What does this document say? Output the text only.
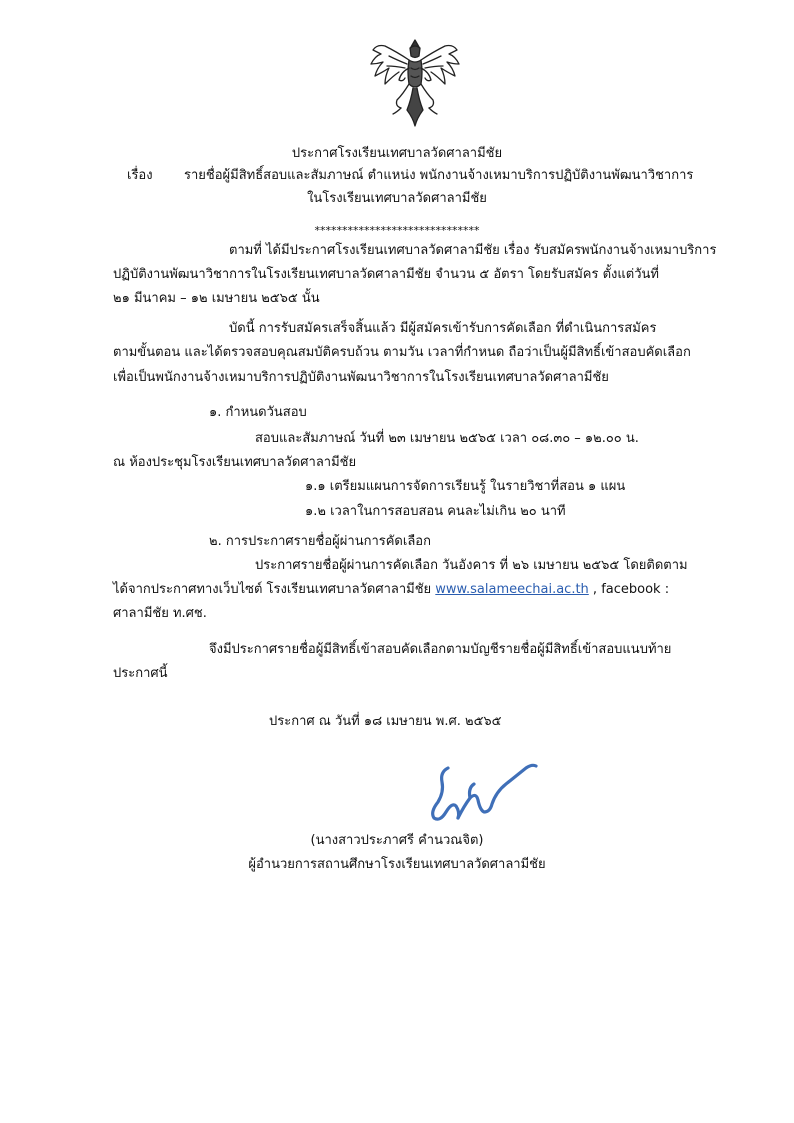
ประกาศโรงเรียนเทศบาลวัดศาลามีชัย
เรื่อง รายชื่อผู้มีสิทธิ์สอบและสัมภาษณ์ ตำแหน่ง พนักงานจ้างเหมาบริการปฏิบัติงานพัฒนาวิชาการ
ในโรงเรียนเทศบาลวัดศาลามีชัย
******************************
ตามที่ ได้มีประกาศโรงเรียนเทศบาลวัดศาลามีชัย เรื่อง รับสมัครพนักงานจ้างเหมาบริการ
ปฏิบัติงานพัฒนาวิชาการในโรงเรียนเทศบาลวัดศาลามีชัย จำนวน ๕ อัตรา โดยรับสมัคร ตั้งแต่วันที่
๒๑ มีนาคม – ๑๒ เมษายน ๒๕๖๕ นั้น
บัดนี้ การรับสมัครเสร็จสิ้นแล้ว มีผู้สมัครเข้ารับการคัดเลือก ที่ดำเนินการสมัคร
ตามขั้นตอน และได้ตรวจสอบคุณสมบัติครบถ้วน ตามวัน เวลาที่กำหนด ถือว่าเป็นผู้มีสิทธิ์เข้าสอบคัดเลือก
เพื่อเป็นพนักงานจ้างเหมาบริการปฏิบัติงานพัฒนาวิชาการในโรงเรียนเทศบาลวัดศาลามีชัย
๑. กำหนดวันสอบ
สอบและสัมภาษณ์ วันที่ ๒๓ เมษายน ๒๕๖๕ เวลา ๐๘.๓๐ – ๑๒.๐๐ น.
ณ ห้องประชุมโรงเรียนเทศบาลวัดศาลามีชัย
๑.๑ เตรียมแผนการจัดการเรียนรู้ ในรายวิชาที่สอน ๑ แผน
๑.๒ เวลาในการสอบสอน คนละไม่เกิน ๒๐ นาที
๒. การประกาศรายชื่อผู้ผ่านการคัดเลือก
ประกาศรายชื่อผู้ผ่านการคัดเลือก วันอังคาร ที่ ๒๖ เมษายน ๒๕๖๕ โดยติดตาม
ได้จากประกาศทางเว็บไซต์ โรงเรียนเทศบาลวัดศาลามีชัย www.salameechai.ac.th , facebook :
ศาลามีชัย ท.ศช.
จึงมีประกาศรายชื่อผู้มีสิทธิ์เข้าสอบคัดเลือกตามบัญชีรายชื่อผู้มีสิทธิ์เข้าสอบแนบท้าย
ประกาศนี้
ประกาศ ณ วันที่ ๑๘ เมษายน พ.ศ. ๒๕๖๕
(นางสาวประภาศรี คำนวณจิต)
ผู้อำนวยการสถานศึกษาโรงเรียนเทศบาลวัดศาลามีชัย
